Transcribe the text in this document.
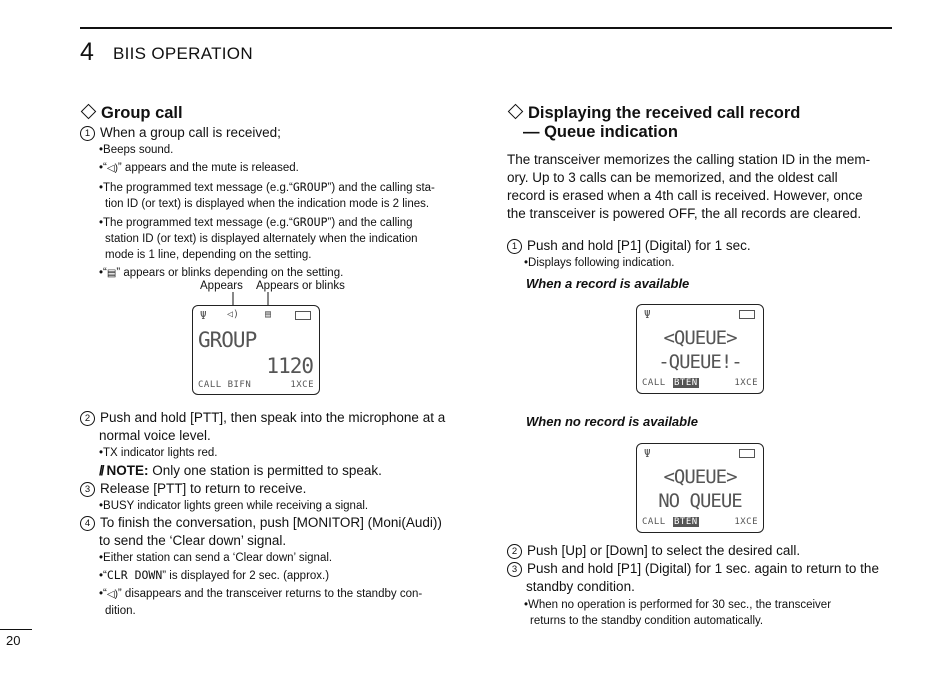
4 BIIS OPERATION
Group call
1 When a group call is received;
•Beeps sound.
•“◁)” appears and the mute is released.
•The programmed text message (e.g.“GROUP”) and the calling sta-
tion ID (or text) is displayed when the indication mode is 2 lines.
•The programmed text message (e.g.“GROUP”) and the calling
station ID (or text) is displayed alternately when the indication
mode is 1 line, depending on the setting.
•“▤” appears or blinks depending on the setting.
Appears Appears or blinks
Ψ ◁)	▤
GROUP
1120
CALL BIFN	1XCE
2 Push and hold [PTT], then speak into the microphone at a
normal voice level.
•TX indicator lights red.
// NOTE: Only one station is permitted to speak.
3 Release [PTT] to return to receive.
•BUSY indicator lights green while receiving a signal.
4 To finish the conversation, push [MONITOR] (Moni(Audi))
to send the ‘Clear down’ signal.
•Either station can send a ‘Clear down’ signal.
•“CLR DOWN” is displayed for 2 sec. (approx.)
•“◁)” disappears and the transceiver returns to the standby con-
dition.
Displaying the received call record
— Queue indication
The transceiver memorizes the calling station ID in the mem-
ory. Up to 3 calls can be memorized, and the oldest call
record is erased when a 4th call is received. However, once
the transceiver is powered OFF, the all records are cleared.
1 Push and hold [P1] (Digital) for 1 sec.
•Displays following indication.
When a record is available
Ψ
<QUEUE>
-QUEUE!-
CALL BTEN	1XCE
When no record is available
Ψ
<QUEUE>
NO QUEUE
CALL BTEN	1XCE
2 Push [Up] or [Down] to select the desired call.
3 Push and hold [P1] (Digital) for 1 sec. again to return to the
standby condition.
•When no operation is performed for 30 sec., the transceiver
returns to the standby condition automatically.
20
